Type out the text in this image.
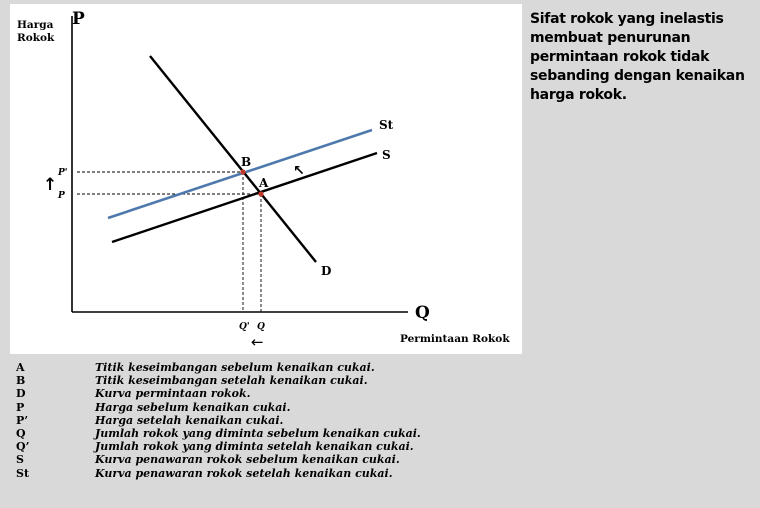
P
Harga
Rokok
Q
Permintaan Rokok
St
S
D
B
A
P'
P
Q' Q
↑
←
↖
Sifat rokok yang inelastis membuat penurunan permintaan rokok tidak sebanding dengan kenaikan harga rokok.
A	Titik keseimbangan sebelum kenaikan cukai.
B	Titik keseimbangan setelah kenaikan cukai.
D	Kurva permintaan rokok.
P	Harga sebelum kenaikan cukai.
P’	Harga setelah kenaikan cukai.
Q	Jumlah rokok yang diminta sebelum kenaikan cukai.
Q’	Jumlah rokok yang diminta setelah kenaikan cukai.
S	Kurva penawaran rokok sebelum kenaikan cukai.
St	Kurva penawaran rokok setelah kenaikan cukai.
